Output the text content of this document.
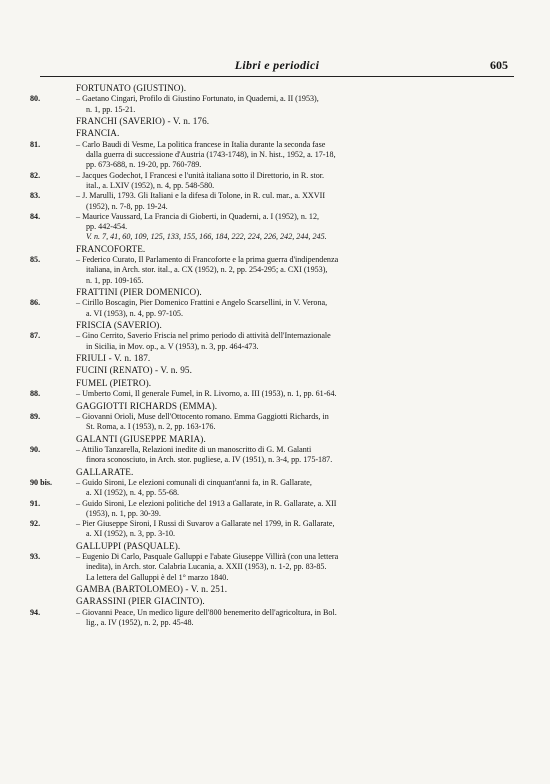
Libri e periodici	605
FORTUNATO (GIUSTINO).
80.	– Gaetano Cingari, Profilo di Giustino Fortunato, in Quaderni, a. II (1953),
n. 1, pp. 15-21.
FRANCHI (SAVERIO) - V. n. 176.
FRANCIA.
81.	– Carlo Baudi di Vesme, La politica francese in Italia durante la seconda fase
dalla guerra di successione d'Austria (1743-1748), in N. hist., 1952, a. 17-18,
pp. 673-688, n. 19-20, pp. 760-789.
82.	– Jacques Godechot, I Francesi e l'unità italiana sotto il Direttorio, in R. stor.
ital., a. LXIV (1952), n. 4, pp. 548-580.
83.	– J. Marulli, 1793. Gli Italiani e la difesa di Tolone, in R. cul. mar., a. XXVII
(1952), n. 7-8, pp. 19-24.
84.	– Maurice Vaussard, La Francia di Gioberti, in Quaderni, a. I (1952), n. 12,
pp. 442-454.
V. n. 7, 41, 60, 109, 125, 133, 155, 166, 184, 222, 224, 226, 242, 244, 245.
FRANCOFORTE.
85.	– Federico Curato, Il Parlamento di Francoforte e la prima guerra d'indipendenza
italiana, in Arch. stor. ital., a. CX (1952), n. 2, pp. 254-295; a. CXI (1953),
n. 1, pp. 109-165.
FRATTINI (PIER DOMENICO).
86.	– Cirillo Boscagin, Pier Domenico Frattini e Angelo Scarsellini, in V. Verona,
a. VI (1953), n. 4, pp. 97-105.
FRISCIA (SAVERIO).
87.	– Gino Cerrito, Saverio Friscia nel primo periodo di attività dell'Internazionale
in Sicilia, in Mov. op., a. V (1953), n. 3, pp. 464-473.
FRIULI - V. n. 187.
FUCINI (RENATO) - V. n. 95.
FUMEL (PIETRO).
88.	– Umberto Comi, Il generale Fumel, in R. Livorno, a. III (1953), n. 1, pp. 61-64.
GAGGIOTTI RICHARDS (EMMA).
89.	– Giovanni Orioli, Muse dell'Ottocento romano. Emma Gaggiotti Richards, in
St. Roma, a. I (1953), n. 2, pp. 163-176.
GALANTI (GIUSEPPE MARIA).
90.	– Attilio Tanzarella, Relazioni inedite di un manoscritto di G. M. Galanti
finora sconosciuto, in Arch. stor. pugliese, a. IV (1951), n. 3-4, pp. 175-187.
GALLARATE.
90 bis.	– Guido Sironi, Le elezioni comunali di cinquant'anni fa, in R. Gallarate,
a. XI (1952), n. 4, pp. 55-68.
91.	– Guido Sironi, Le elezioni politiche del 1913 a Gallarate, in R. Gallarate, a. XII
(1953), n. 1, pp. 30-39.
92.	– Pier Giuseppe Sironi, I Russi di Suvarov a Gallarate nel 1799, in R. Gallarate,
a. XI (1952), n. 3, pp. 3-10.
GALLUPPI (PASQUALE).
93.	– Eugenio Di Carlo, Pasquale Galluppi e l'abate Giuseppe Villirà (con una lettera
inedita), in Arch. stor. Calabria Lucania, a. XXII (1953), n. 1-2, pp. 83-85.
La lettera del Galluppi è del 1° marzo 1840.
GAMBA (BARTOLOMEO) - V. n. 251.
GARASSINI (PIER GIACINTO).
94.	– Giovanni Peace, Un medico ligure dell'800 benemerito dell'agricoltura, in Bol.
lig., a. IV (1952), n. 2, pp. 45-48.
